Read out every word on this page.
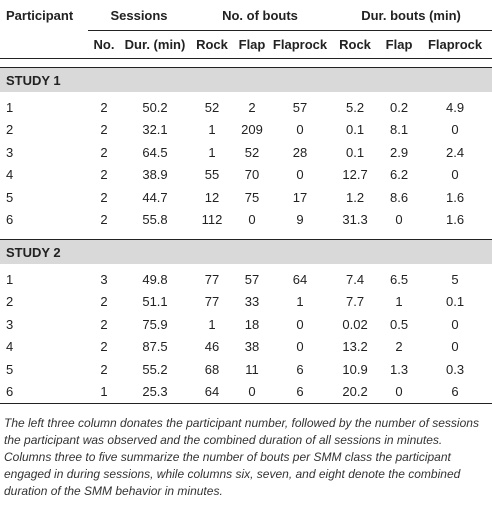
Participant	Sessions		No. of bouts			Dur. bouts (min)		
	No.	Dur. (min)	Rock	Flap	Flaprock	Rock	Flap	Flaprock

STUDY 1								

1	2	50.2	52	2	57	5.2	0.2	4.9
2	2	32.1	1	209	0	0.1	8.1	0
3	2	64.5	1	52	28	0.1	2.9	2.4
4	2	38.9	55	70	0	12.7	6.2	0
5	2	44.7	12	75	17	1.2	8.6	1.6
6	2	55.8	112	0	9	31.3	0	1.6

STUDY 2								

1	3	49.8	77	57	64	7.4	6.5	5
2	2	51.1	77	33	1	7.7	1	0.1
3	2	75.9	1	18	0	0.02	0.5	0
4	2	87.5	46	38	0	13.2	2	0
5	2	55.2	68	11	6	10.9	1.3	0.3
6	1	25.3	64	0	6	20.2	0	6
The left three column donates the participant number, followed by the number of sessions the participant was observed and the combined duration of all sessions in minutes. Columns three to five summarize the number of bouts per SMM class the participant engaged in during sessions, while columns six, seven, and eight denote the combined duration of the SMM behavior in minutes.
